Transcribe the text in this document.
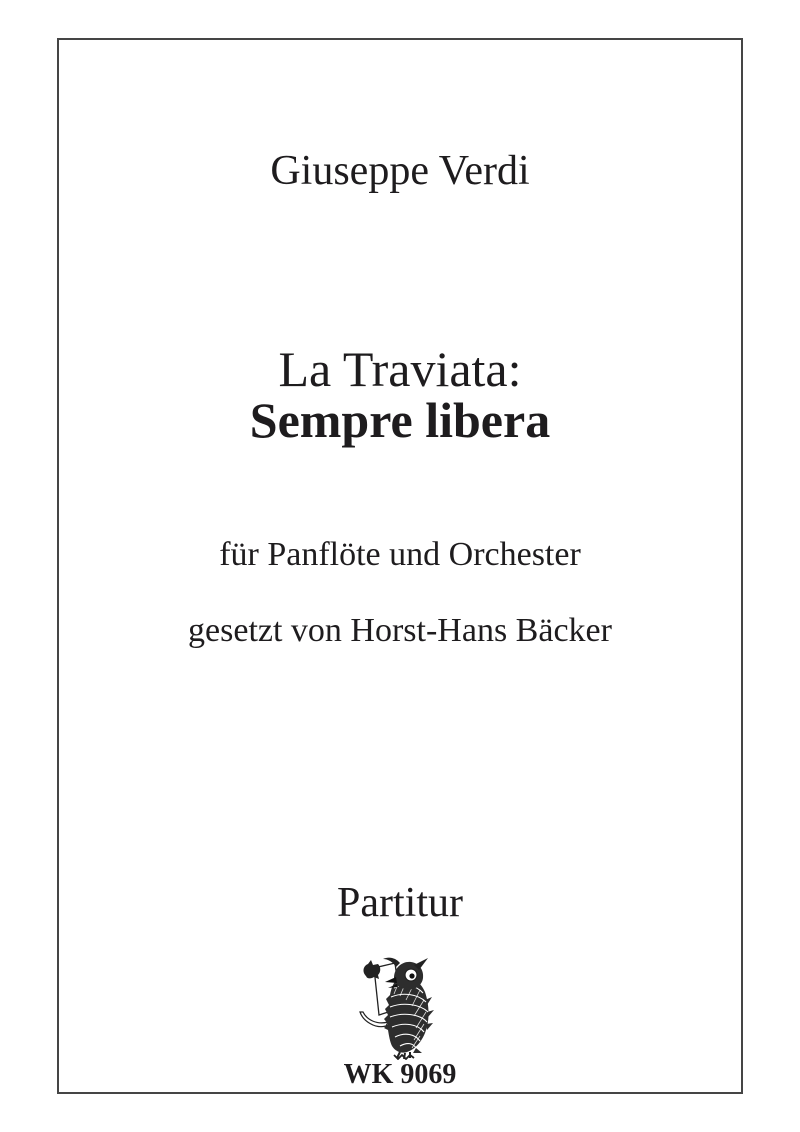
Giuseppe Verdi
La Traviata:
Sempre libera
für Panflöte und Orchester

gesetzt von Horst-Hans Bäcker

Partitur
WK 9069
